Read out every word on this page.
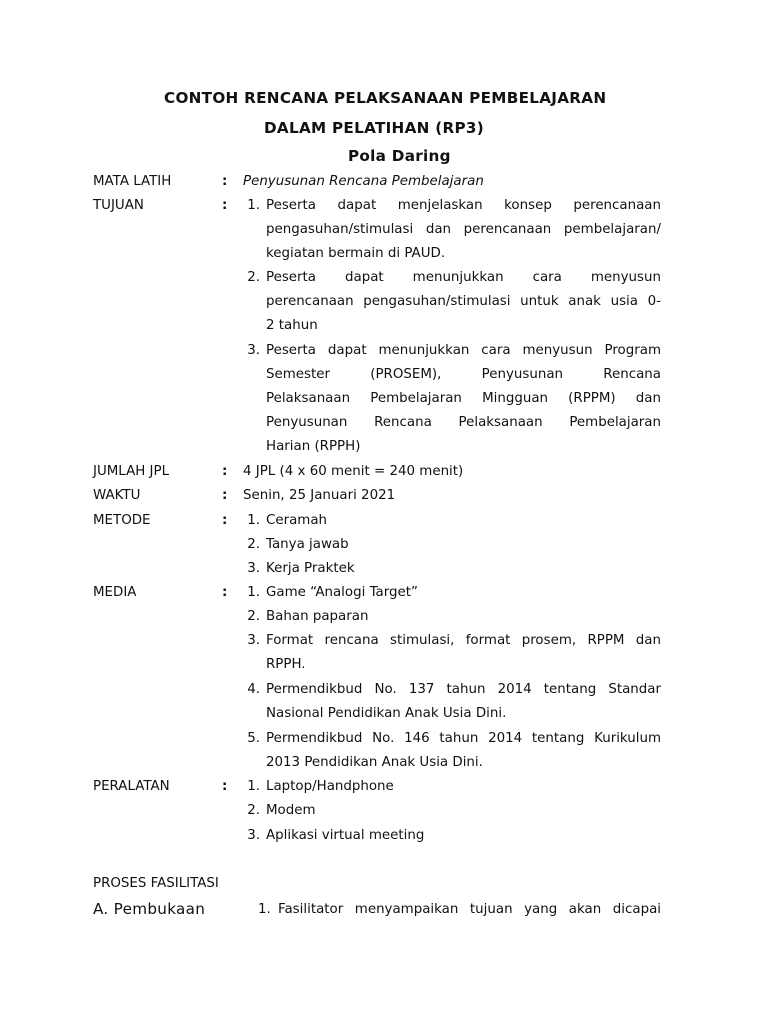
CONTOH RENCANA PELAKSANAAN PEMBELAJARAN
DALAM PELATIHAN (RP3)
Pola Daring
MATA LATIH	: Penyusunan Rencana Pembelajaran
TUJUAN	:	1. Peserta dapat menjelaskan konsep perencanaan
pengasuhan/stimulasi dan perencanaan pembelajaran/
kegiatan bermain di PAUD.
2. Peserta dapat menunjukkan cara menyusun
perencanaan pengasuhan/stimulasi untuk anak usia 0-
2 tahun
3. Peserta dapat menunjukkan cara menyusun Program
Semester (PROSEM), Penyusunan Rencana
Pelaksanaan Pembelajaran Mingguan (RPPM) dan
Penyusunan Rencana Pelaksanaan Pembelajaran
Harian (RPPH)
JUMLAH JPL	: 4 JPL (4 x 60 menit = 240 menit)
WAKTU	: Senin, 25 Januari 2021
METODE	:	1. Ceramah
2. Tanya jawab
3. Kerja Praktek
MEDIA	:	1. Game “Analogi Target”
2. Bahan paparan
3. Format rencana stimulasi, format prosem, RPPM dan
RPPH.
4. Permendikbud No. 137 tahun 2014 tentang Standar
Nasional Pendidikan Anak Usia Dini.
5. Permendikbud No. 146 tahun 2014 tentang Kurikulum
2013 Pendidikan Anak Usia Dini.
PERALATAN	:	1. Laptop/Handphone
2. Modem
3. Aplikasi virtual meeting
PROSES FASILITASI
A. Pembukaan	1. Fasilitator menyampaikan tujuan yang akan dicapai
